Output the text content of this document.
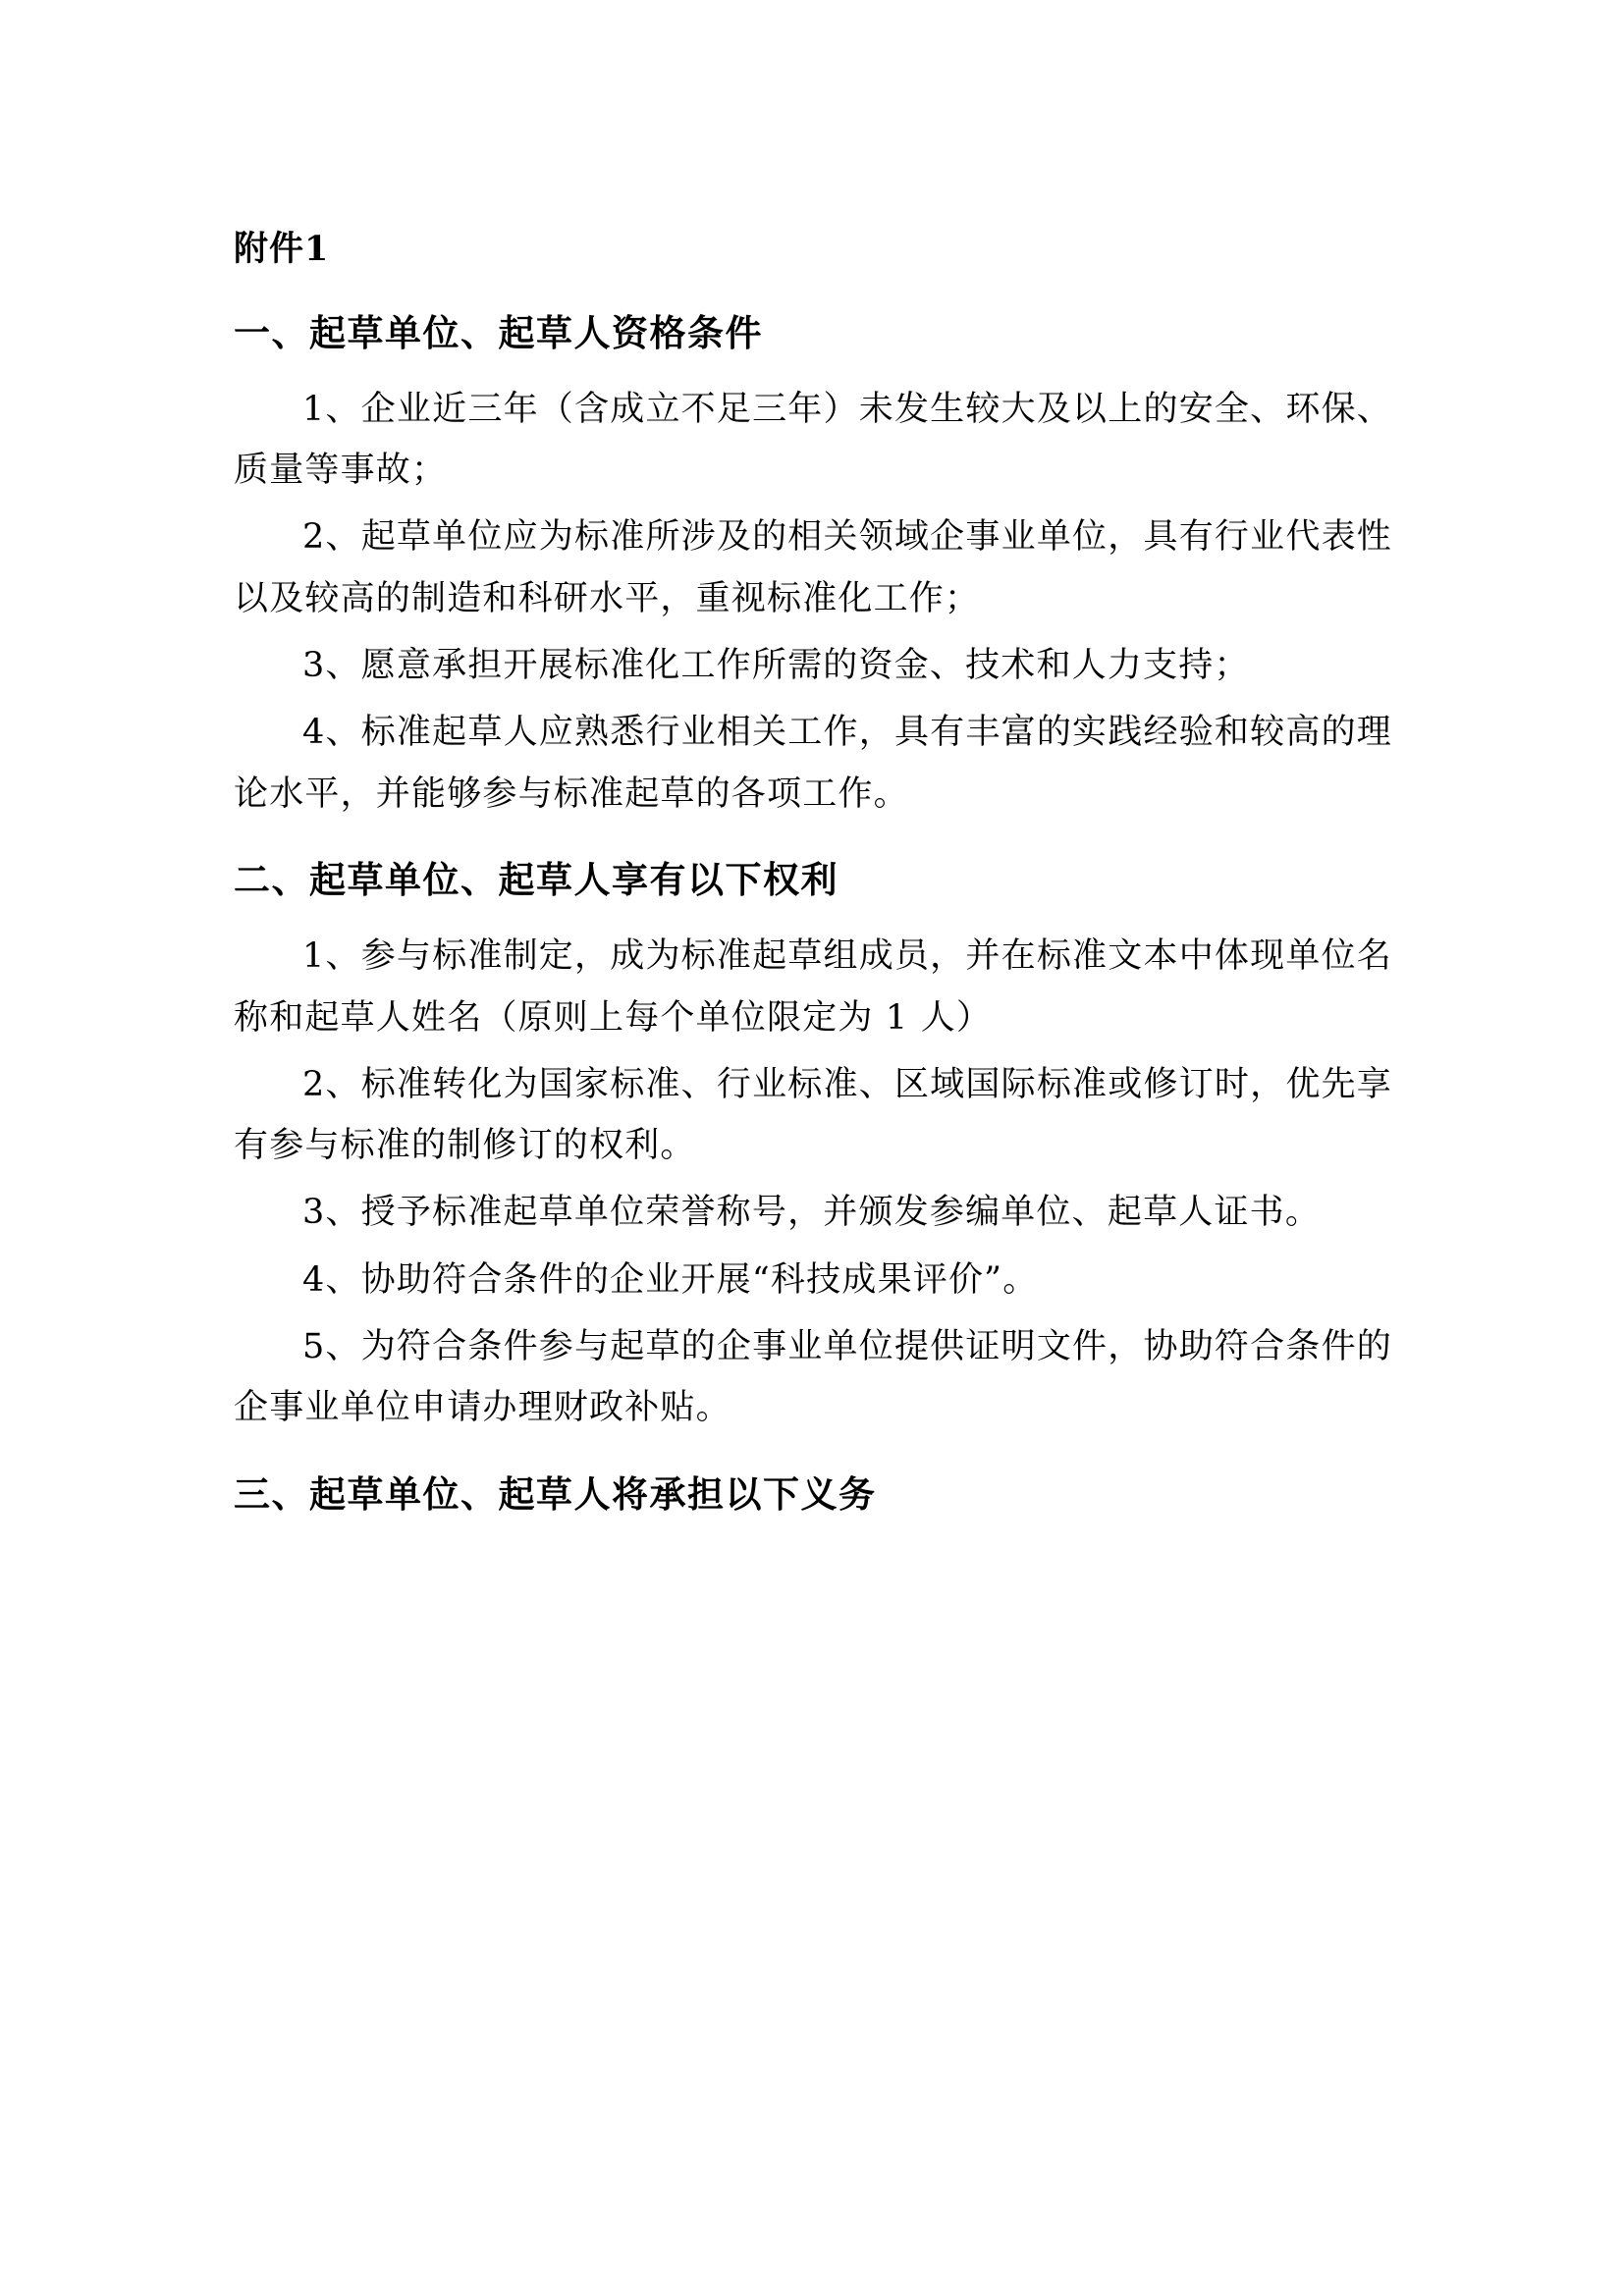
附件1
一、起草单位、起草人资格条件

1、企业近三年（含成立不足三年）未发生较大及以上的安全、环保、质量等事故；

2、起草单位应为标准所涉及的相关领域企事业单位，具有行业代表性以及较高的制造和科研水平，重视标准化工作；

3、愿意承担开展标准化工作所需的资金、技术和人力支持；

4、标准起草人应熟悉行业相关工作，具有丰富的实践经验和较高的理论水平，并能够参与标准起草的各项工作。

二、起草单位、起草人享有以下权利

1、参与标准制定，成为标准起草组成员，并在标准文本中体现单位名称和起草人姓名（原则上每个单位限定为 1 人）

2、标准转化为国家标准、行业标准、区域国际标准或修订时，优先享有参与标准的制修订的权利。

3、授予标准起草单位荣誉称号，并颁发参编单位、起草人证书。

4、协助符合条件的企业开展“科技成果评价”。

5、为符合条件参与起草的企事业单位提供证明文件，协助符合条件的企事业单位申请办理财政补贴。

三、起草单位、起草人将承担以下义务
